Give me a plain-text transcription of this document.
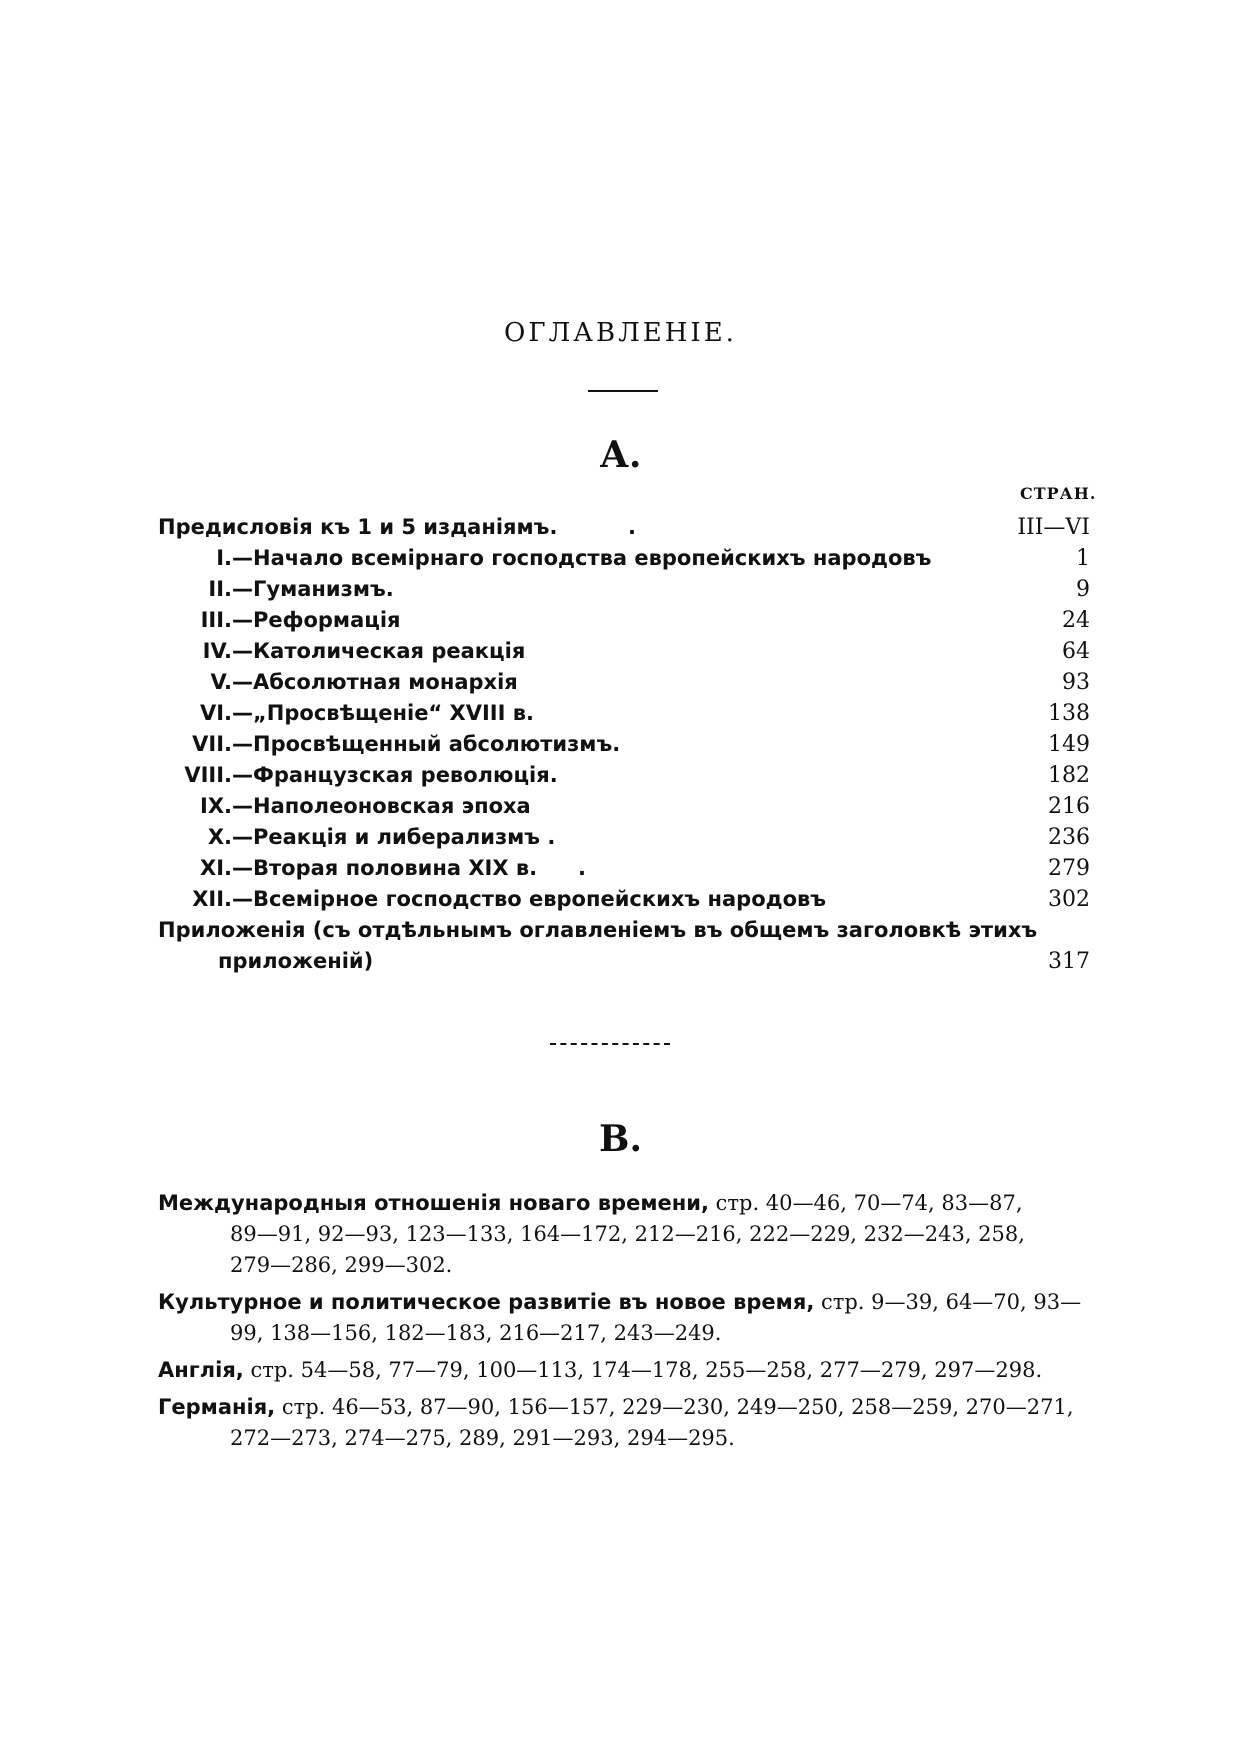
ОГЛАВЛЕНІЕ.
А.
СТРАН.
Предисловія къ 1 и 5 изданіямъ.	.	III—VI
I.—Начало всемірнаго господства европейскихъ народовъ	1
II.—Гуманизмъ.	9
III.—Реформація	24
IV.—Католическая реакція	64
V.—Абсолютная монархія	93
VI.—„Просвѣщеніе“ XVIII в.	138
VII.—Просвѣщенный абсолютизмъ.	149
VIII.—Французская революція.	182
IX.—Наполеоновская эпоха	216
X.—Реакція и либерализмъ .	236
XI.—Вторая половина XIX в. .	279
XII.—Всемірное господство европейскихъ народовъ	302
Приложенія (съ отдѣльнымъ оглавленіемъ въ общемъ заголовкѣ этихъ
приложеній)	317
B.
Международныя отношенія новаго времени, стр. 40—46, 70—74, 83—87,
89—91, 92—93, 123—133, 164—172, 212—216, 222—229, 232—243, 258,
279—286, 299—302.
Культурное и политическое развитіе въ новое время, стр. 9—39, 64—70, 93—
99, 138—156, 182—183, 216—217, 243—249.
Англія, стр. 54—58, 77—79, 100—113, 174—178, 255—258, 277—279, 297—298.
Германія, стр. 46—53, 87—90, 156—157, 229—230, 249—250, 258—259, 270—271,
272—273, 274—275, 289, 291—293, 294—295.
